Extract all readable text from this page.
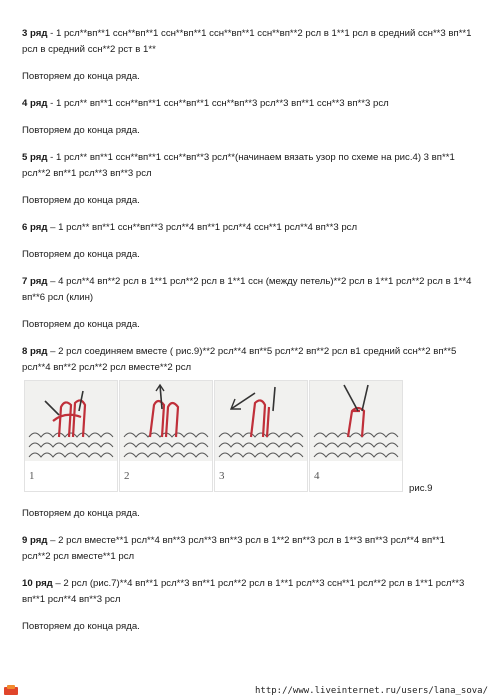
3 ряд - 1 рсл**вп**1 ссн**вп**1 ссн**вп**1 ссн**вп**1 ссн**вп**2 рсл в 1**1 рсл в средний ссн**3 вп**1 рсл в средний ссн**2 рст в 1**

Повторяем до конца ряда.

4 ряд - 1 рсл** вп**1 ссн**вп**1 ссн**вп**1 ссн**вп**3 рсл**3 вп**1 ссн**3 вп**3 рсл

Повторяем до конца ряда.

5 ряд - 1 рсл** вп**1 ссн**вп**1 ссн**вп**3 рсл**(начинаем вязать узор по схеме на рис.4) 3 вп**1 рсл**2 вп**1 рсл**3 вп**3 рсл

Повторяем до конца ряда.

6 ряд – 1 рсл** вп**1 ссн**вп**3 рсл**4 вп**1 рсл**4 ссн**1 рсл**4 вп**3 рсл

Повторяем до конца ряда.

7 ряд – 4 рсл**4 вп**2 рсл в 1**1 рсл**2 рсл в 1**1 ссн (между петель)**2 рсл в 1**1 рсл**2 рсл в 1**4 вп**6 рсл (клин)

Повторяем до конца ряда.

8 ряд – 2 рсл соединяем вместе ( рис.9)**2 рсл**4 вп**5 рсл**2 вп**2 рсл в1 средний ссн**2 вп**5 рсл**4 вп**2 рсл**2 рсл вместе**2 рсл

1	2	3	4
рис.9

Повторяем до конца ряда.

9 ряд – 2 рсл вместе**1 рсл**4 вп**3 рсл**3 вп**3 рсл в 1**2 вп**3 рсл в 1**3 вп**3 рсл**4 вп**1 рсл**2 рсл вместе**1 рсл

10 ряд – 2 рсл (рис.7)**4 вп**1 рсл**3 вп**1 рсл**2 рсл в 1**1 рсл**3 ссн**1 рсл**2 рсл в 1**1 рсл**3 вп**1 рсл**4 вп**3 рсл

Повторяем до конца ряда.

http://www.liveinternet.ru/users/lana_sova/
